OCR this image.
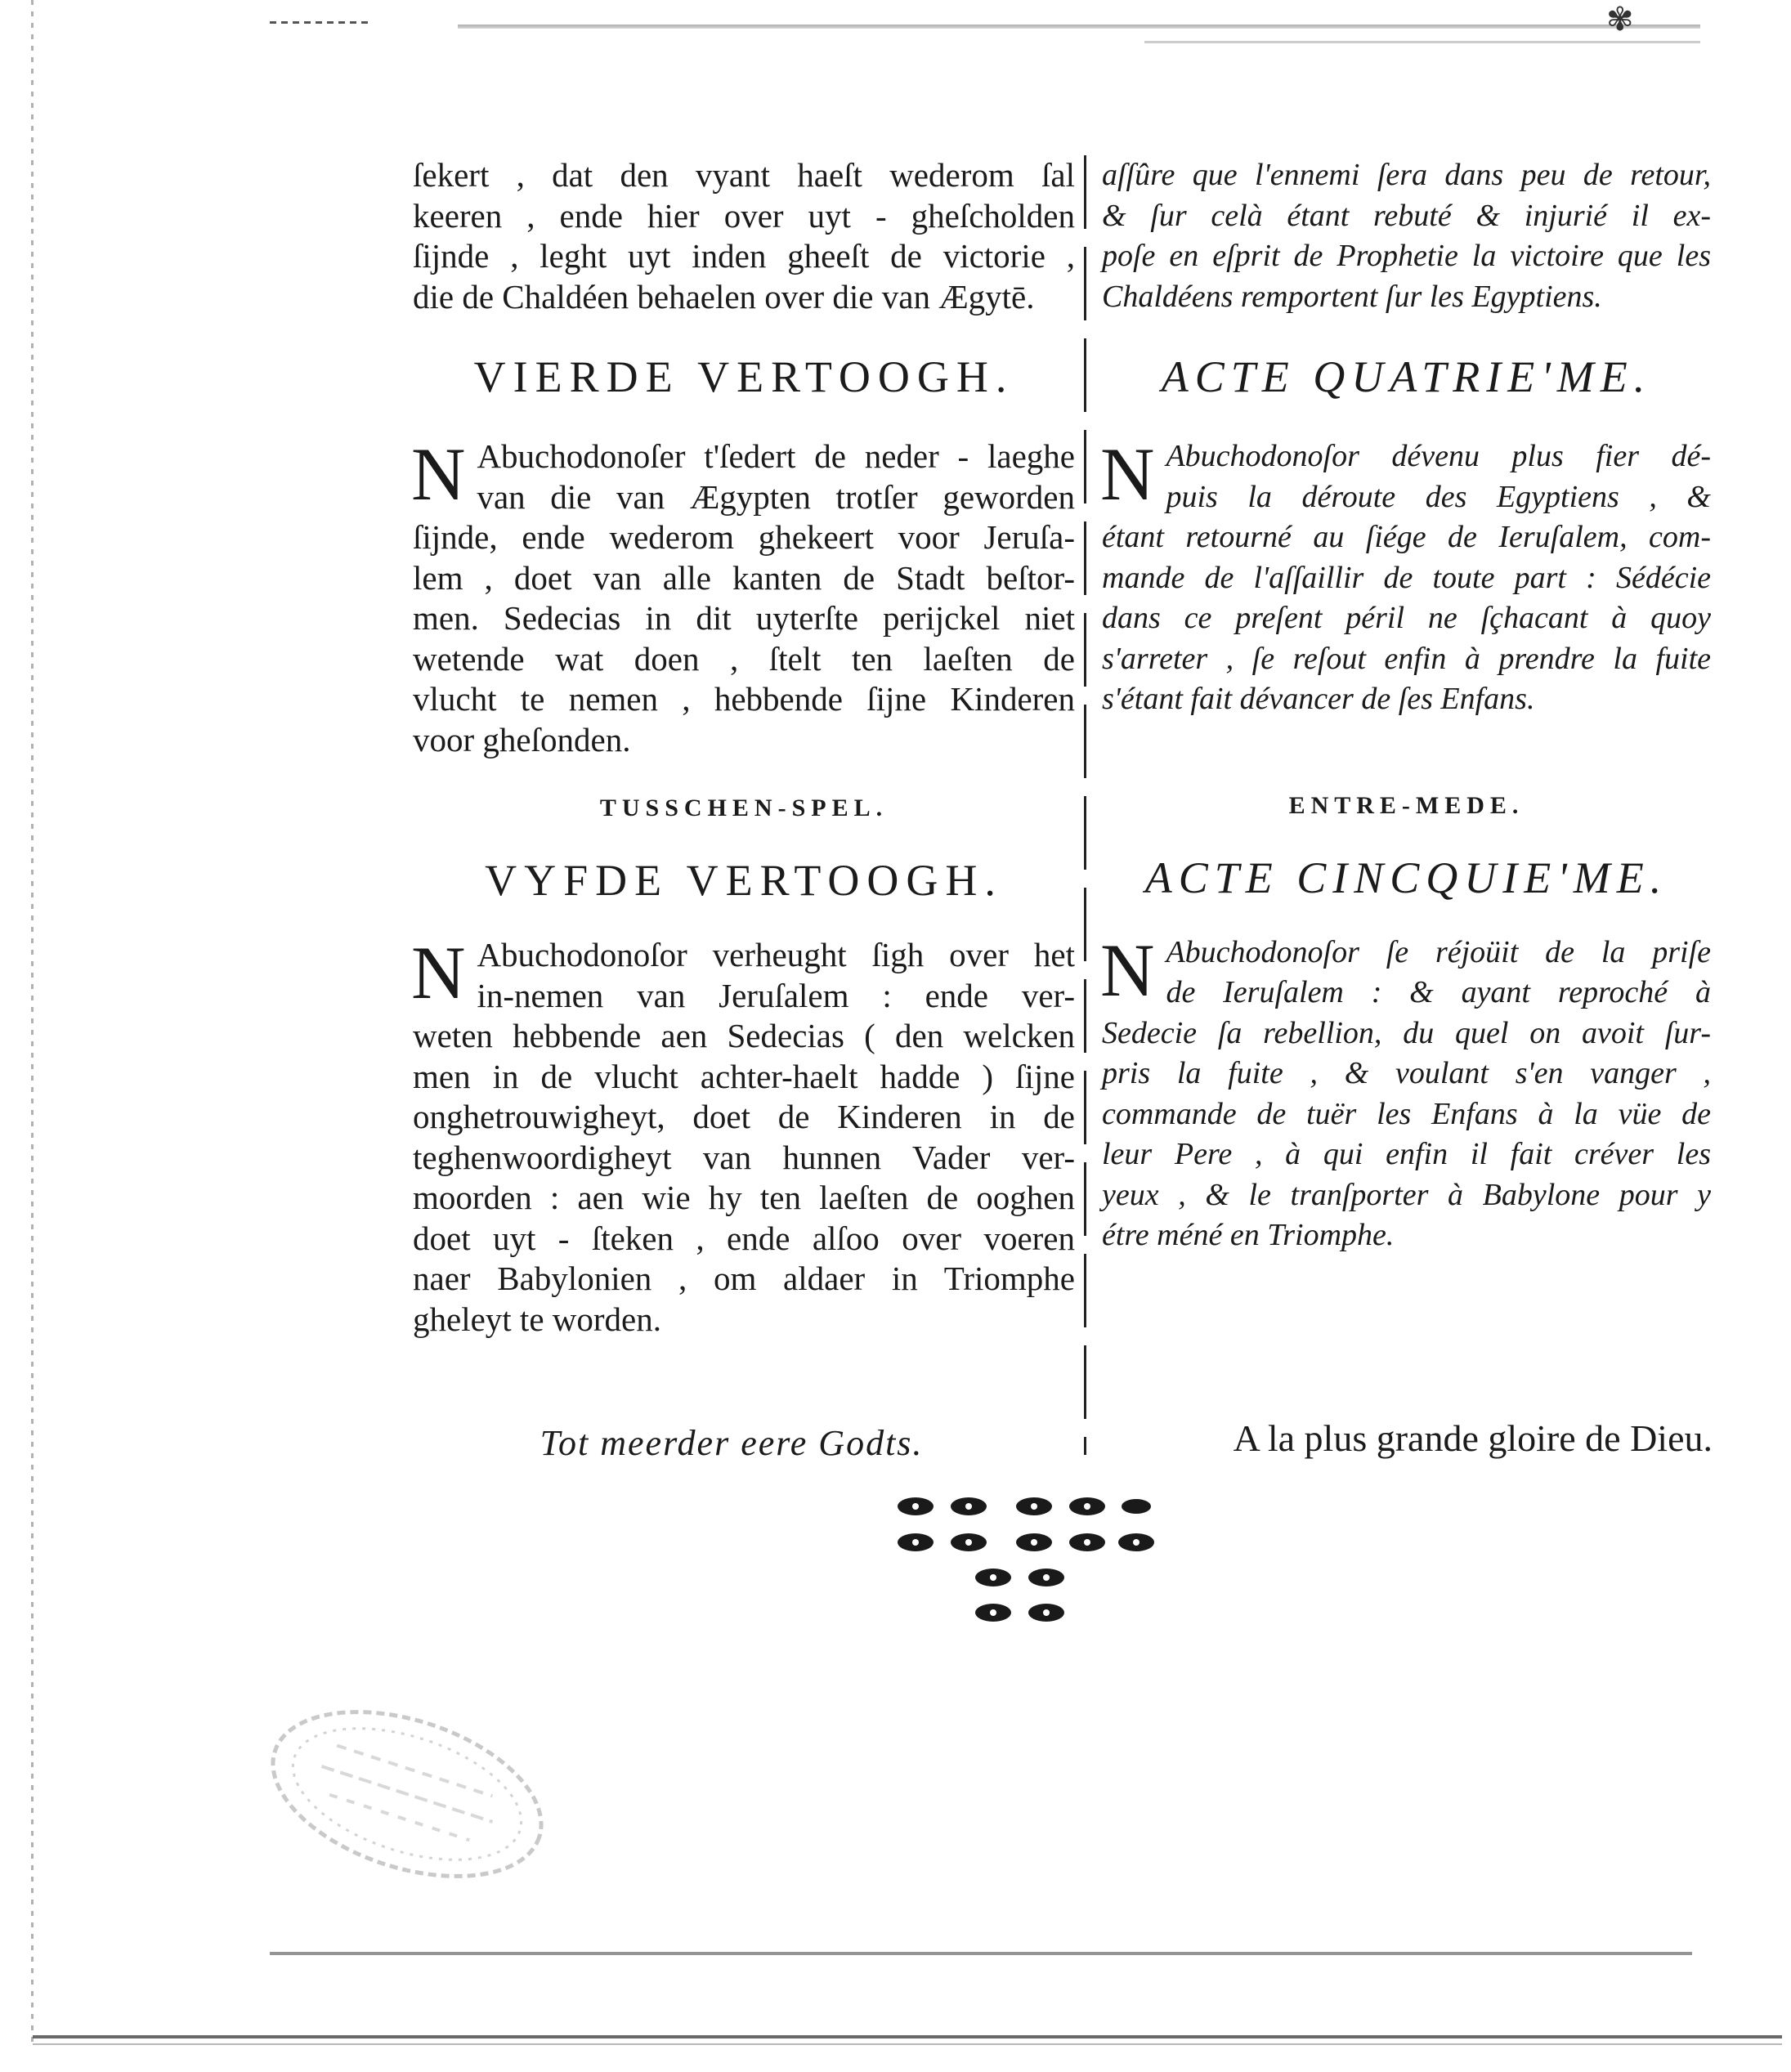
✾

ſekert , dat den vyant haeſt wederom ſal

keeren , ende hier over uyt - gheſcholden

ſijnde , leght uyt inden gheeſt de victorie ,

die de Chaldéen behaelen over die van Ægytē.

VIERDE VERTOOGH.
N Abuchodonoſer t'ſedert de neder - laeghe

van die van Ægypten trotſer geworden

ſijnde, ende wederom ghekeert voor Jeruſa-

lem , doet van alle kanten de Stadt beſtor-

men. Sedecias in dit uyterſte perijckel niet

wetende wat doen , ſtelt ten laeſten de

vlucht te nemen , hebbende ſijne Kinderen

voor gheſonden.

TUSSCHEN-SPEL.
VYFDE VERTOOGH.
N Abuchodonoſor verheught ſigh over het

in-nemen van Jeruſalem : ende ver-

weten hebbende aen Sedecias ( den welcken

men in de vlucht achter-haelt hadde ) ſijne

onghetrouwigheyt, doet de Kinderen in de

teghenwoordigheyt van hunnen Vader ver-

moorden : aen wie hy ten laeſten de ooghen

doet uyt - ſteken , ende alſoo over voeren

naer Babylonien , om aldaer in Triomphe

gheleyt te worden.

aſſûre que l'ennemi ſera dans peu de retour,

& ſur celà étant rebuté & injurié il ex-

poſe en eſprit de Prophetie la victoire que les

Chaldéens remportent ſur les Egyptiens.

ACTE QUATRIE'ME.
N Abuchodonoſor dévenu plus fier dé-

puis la déroute des Egyptiens , &

étant retourné au ſiége de Ieruſalem, com-

mande de l'aſſaillir de toute part : Sédécie

dans ce preſent péril ne ſçhacant à quoy

s'arreter , ſe reſout enfin à prendre la fuite

s'étant fait dévancer de ſes Enfans.

ENTRE-MEDE.
ACTE CINCQUIE'ME.
N Abuchodonoſor ſe réjoüit de la priſe

de Ieruſalem : & ayant reproché à

Sedecie ſa rebellion, du quel on avoit ſur-

pris la fuite , & voulant s'en vanger ,

commande de tuër les Enfans à la vüe de

leur Pere , à qui enfin il fait créver les

yeux , & le tranſporter à Babylone pour y

étre méné en Triomphe.

Tot meerder eere Godts.	A la plus grande gloire de Dieu.
